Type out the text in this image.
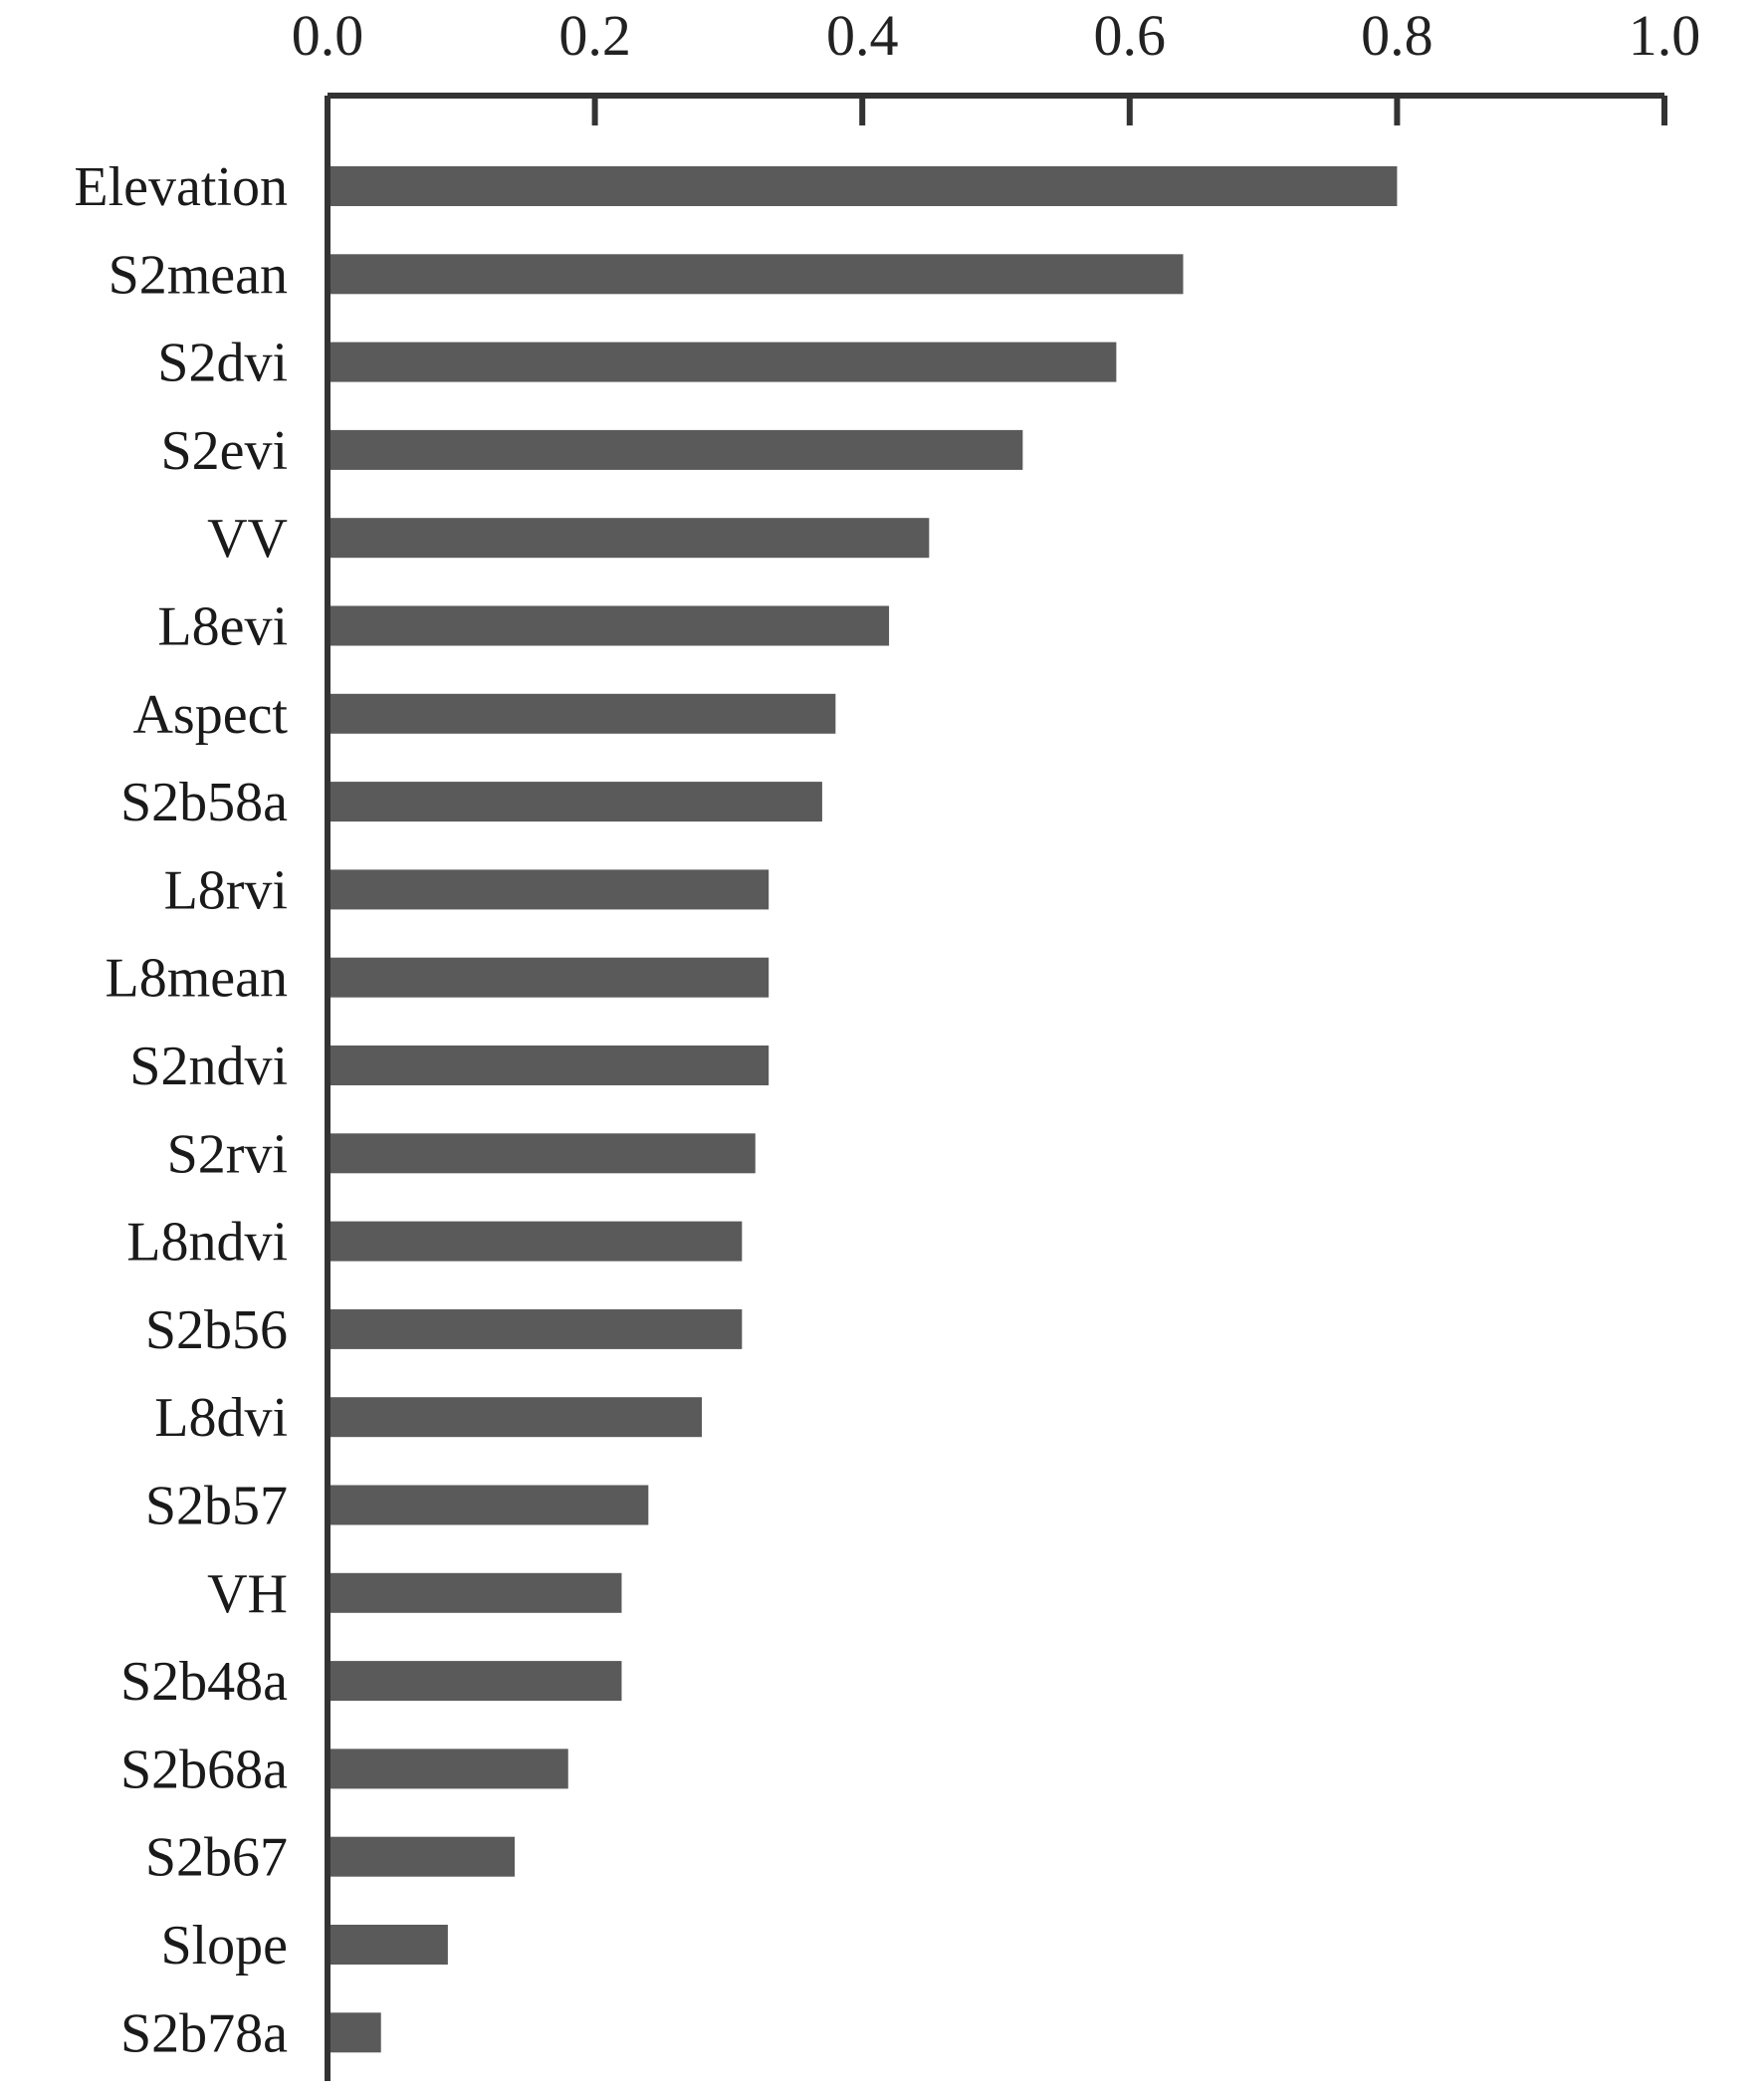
0.0	0.2	0.4	0.6	0.8	1.0
Elevation
S2mean
S2dvi
S2evi
VV
L8evi
Aspect
S2b58a
L8rvi
L8mean
S2ndvi
S2rvi
L8ndvi
S2b56
L8dvi
S2b57
VH
S2b48a
S2b68a
S2b67
Slope
S2b78a
